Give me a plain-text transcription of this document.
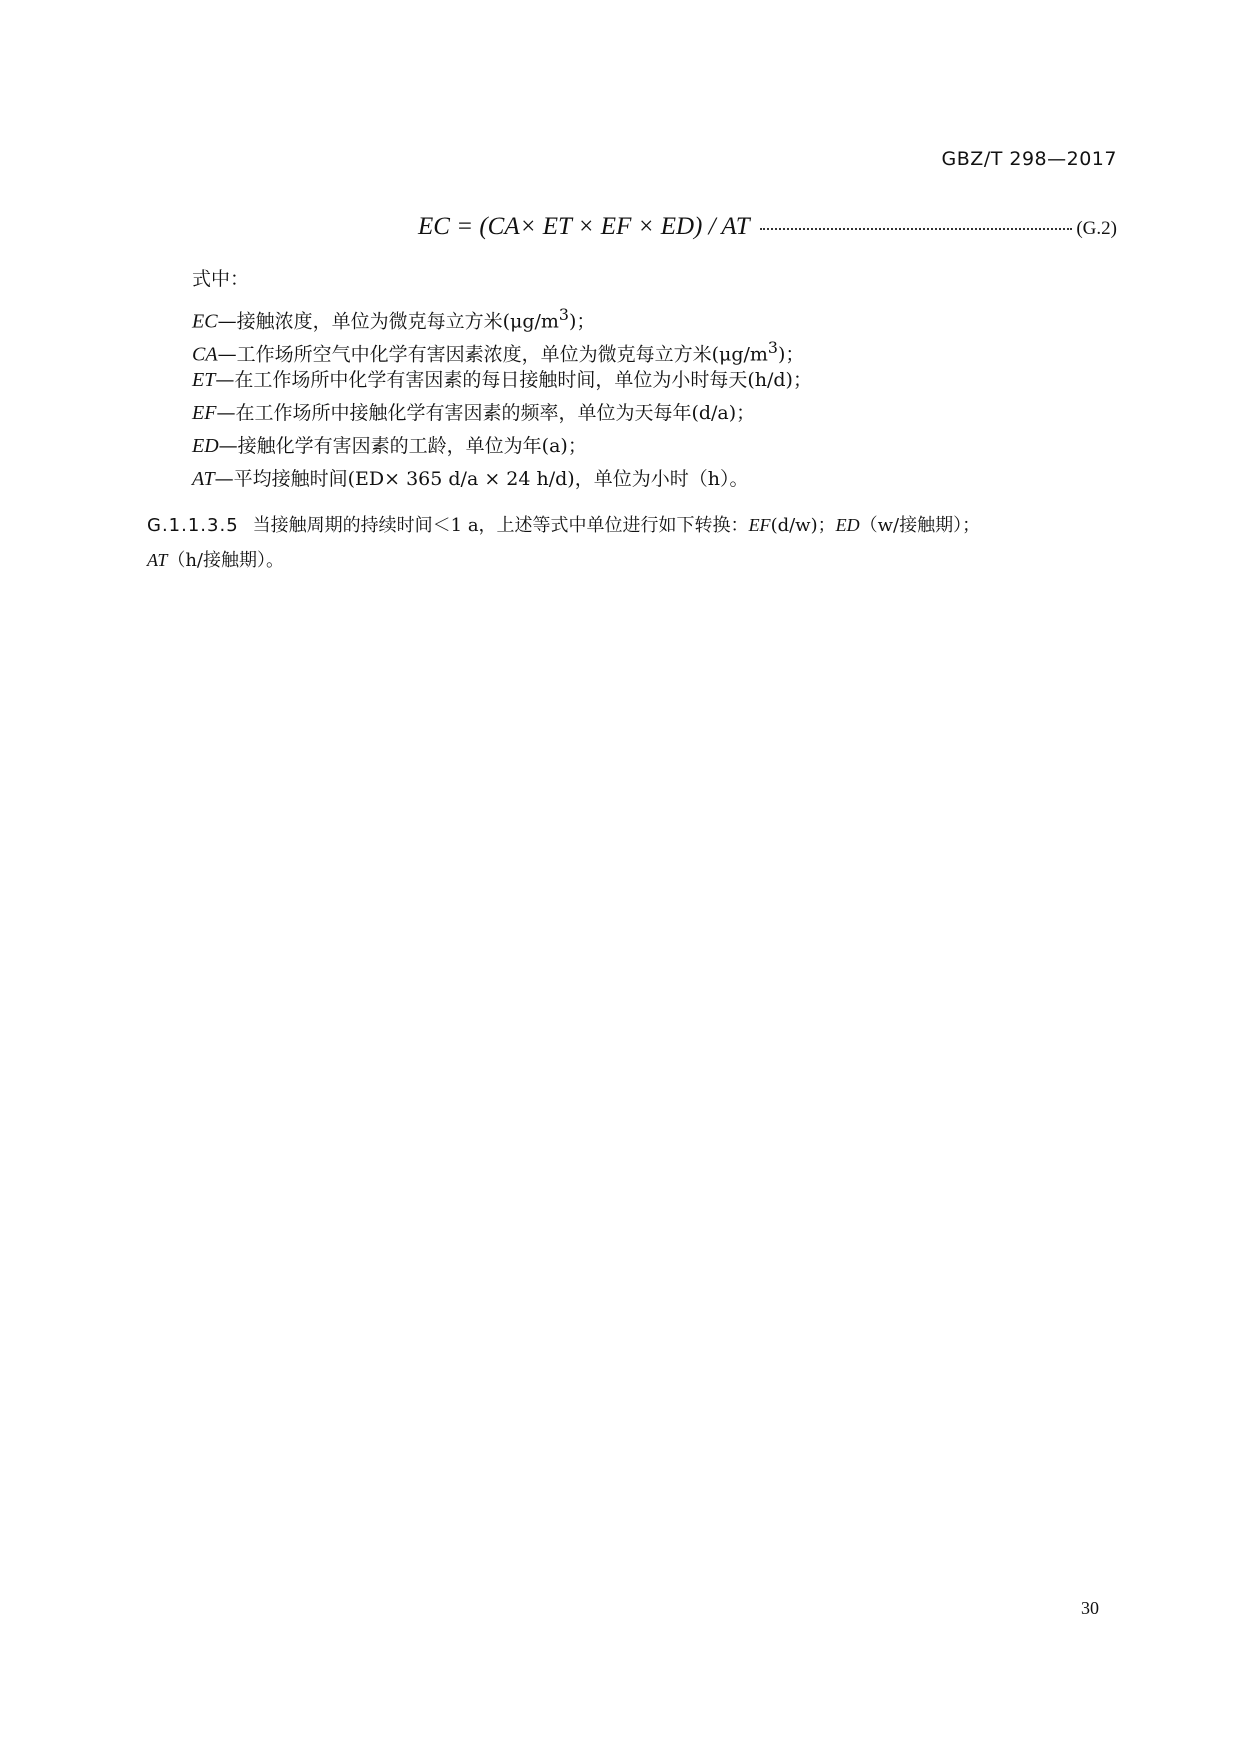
GBZ/T 298—2017
EC = (CA× ET × EF × ED) / AT	(G.2)
式中：
EC—接触浓度，单位为微克每立方米$(\mu g/m^3)$；
CA—工作场所空气中化学有害因素浓度，单位为微克每立方米$(\mu g/m^3)$；
ET—在工作场所中化学有害因素的每日接触时间，单位为小时每天(h/d)；
EF—在工作场所中接触化学有害因素的频率，单位为天每年(d/a)；
ED—接触化学有害因素的工龄，单位为年(a)；
AT—平均接触时间(ED× 365 d/a × 24 h/d)，单位为小时（h）。
G.1.1.3.5 当接触周期的持续时间＜1 a，上述等式中单位进行如下转换：EF(d/w)；ED（w/接触期）；
AT（h/接触期）。
30
